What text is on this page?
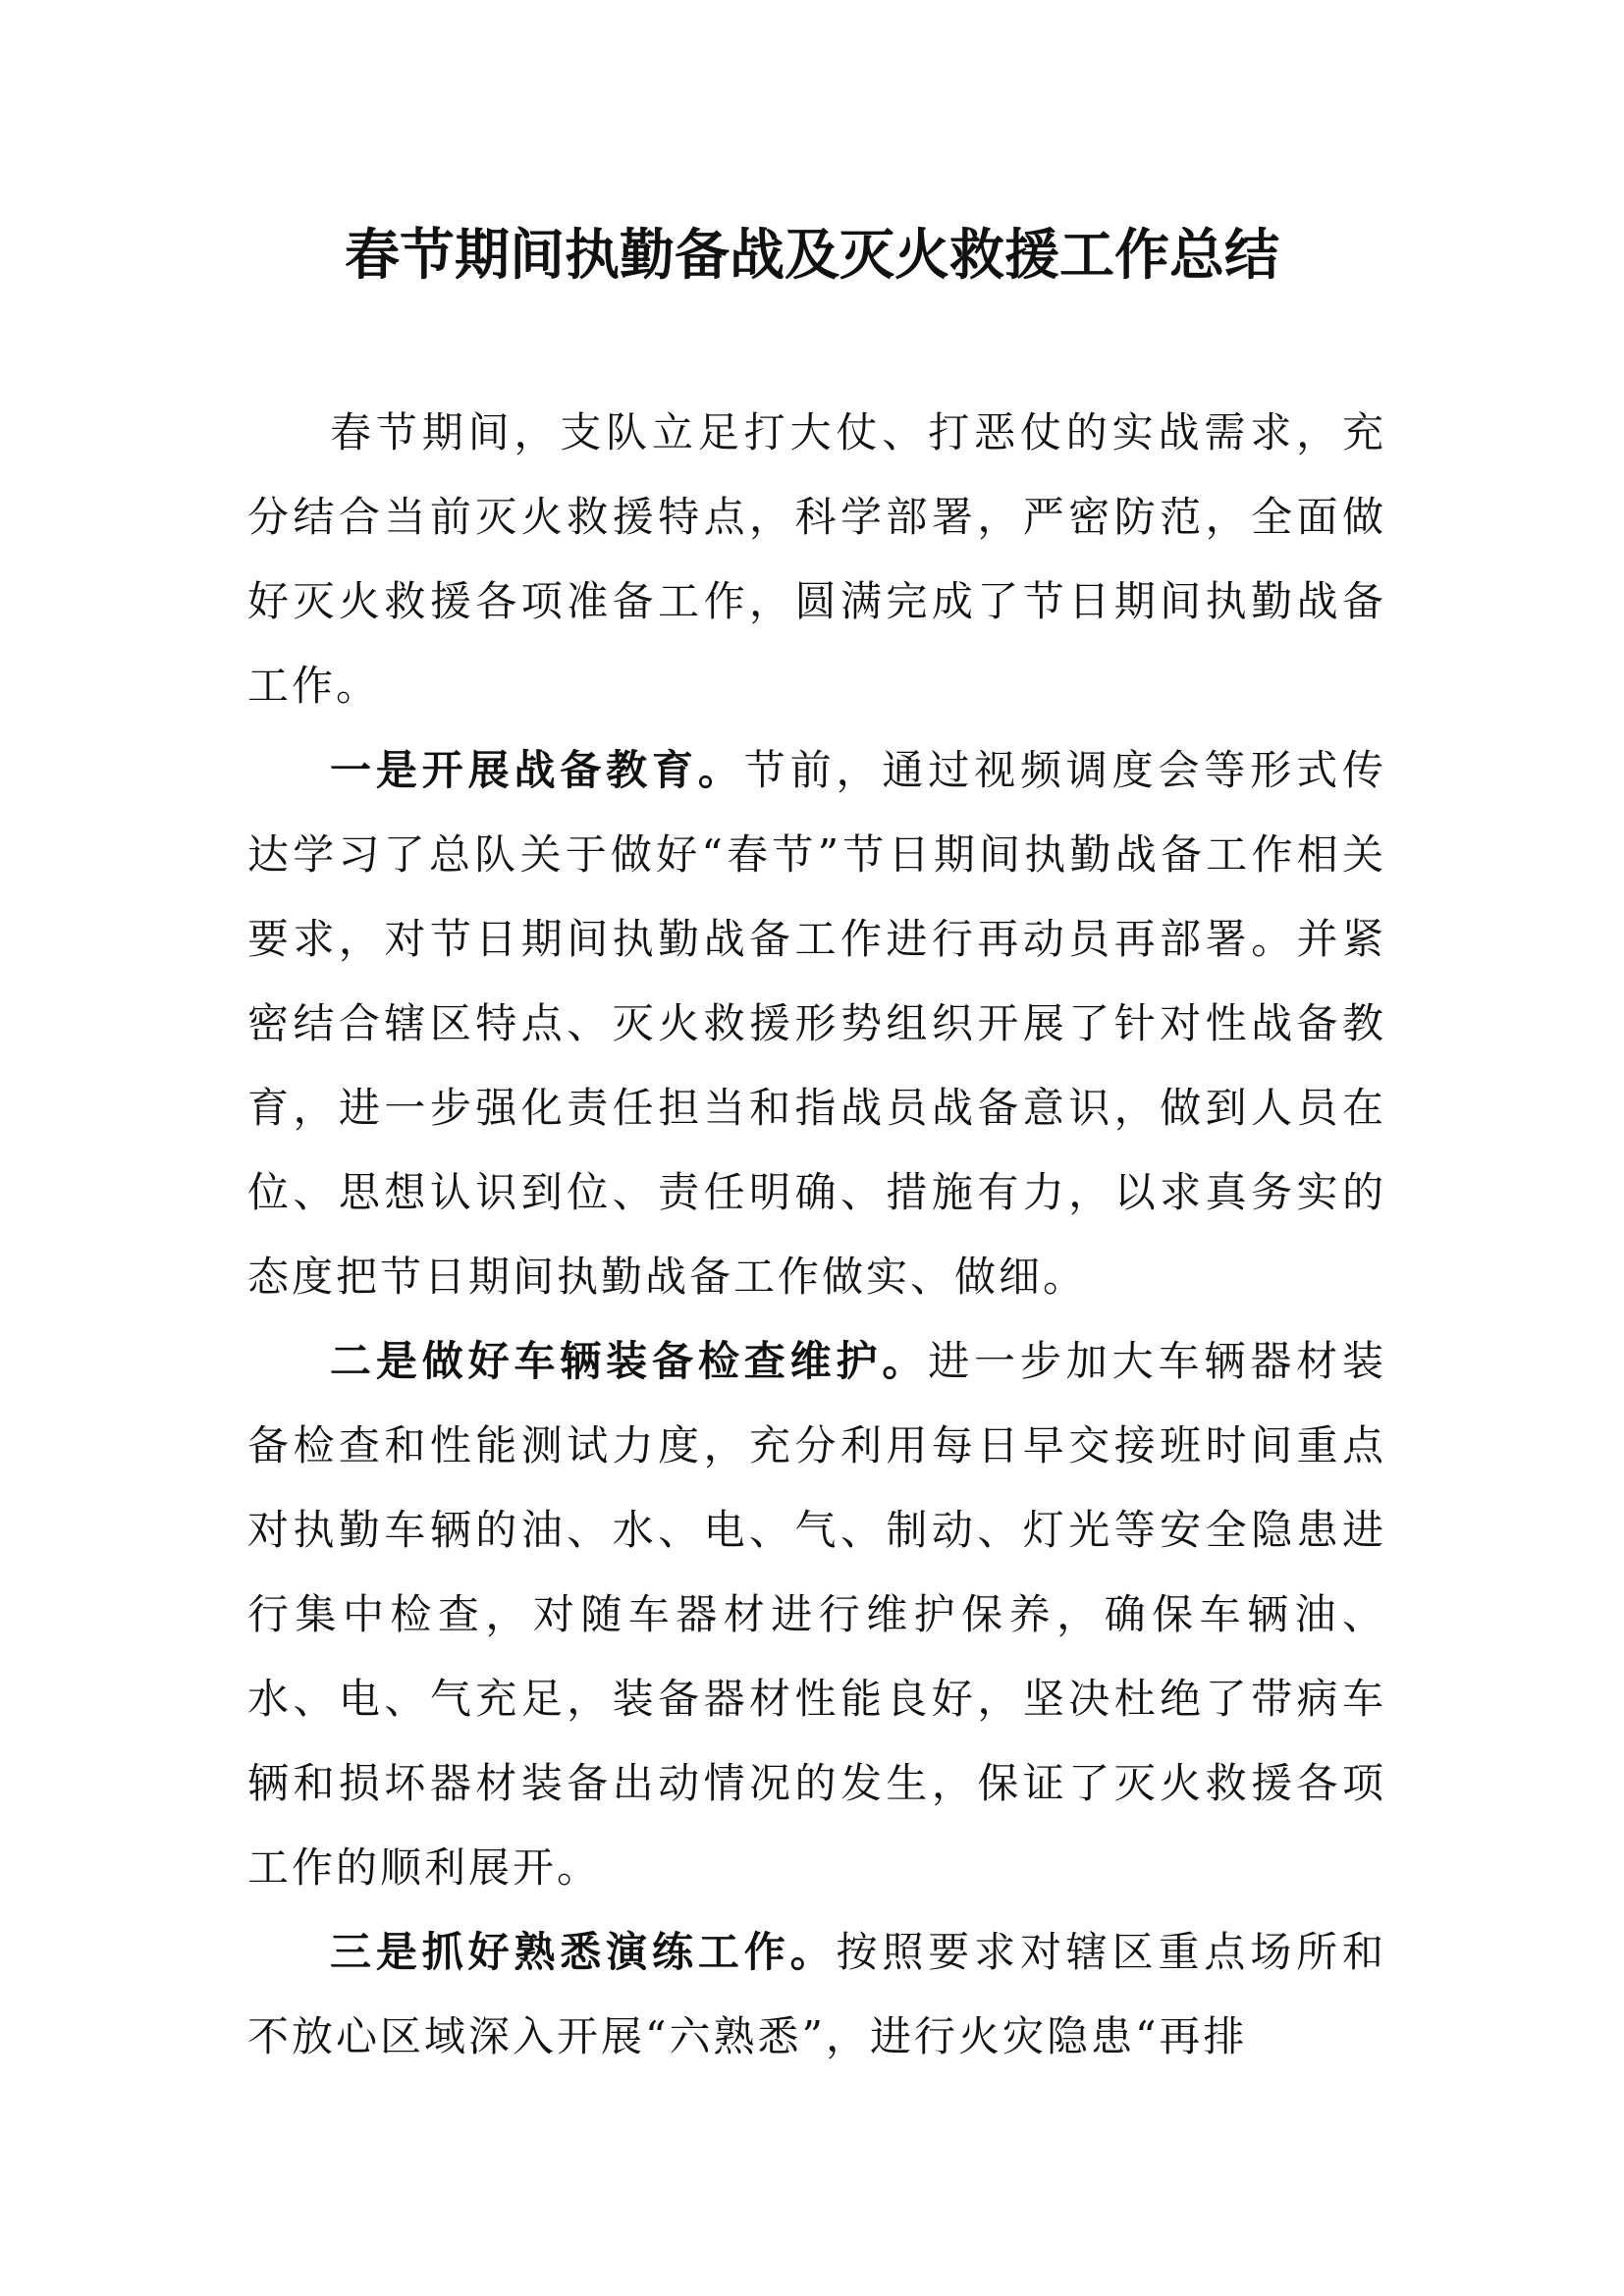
春节期间执勤备战及灭火救援工作总结

春节期间，支队立足打大仗、打恶仗的实战需求，充分结合当前灭火救援特点，科学部署，严密防范，全面做好灭火救援各项准备工作，圆满完成了节日期间执勤战备工作。

一是开展战备教育。节前，通过视频调度会等形式传达学习了总队关于做好“春节”节日期间执勤战备工作相关要求，对节日期间执勤战备工作进行再动员再部署。并紧密结合辖区特点、灭火救援形势组织开展了针对性战备教育，进一步强化责任担当和指战员战备意识，做到人员在位、思想认识到位、责任明确、措施有力，以求真务实的态度把节日期间执勤战备工作做实、做细。

二是做好车辆装备检查维护。进一步加大车辆器材装备检查和性能测试力度，充分利用每日早交接班时间重点对执勤车辆的油、水、电、气、制动、灯光等安全隐患进行集中检查，对随车器材进行维护保养，确保车辆油、水、电、气充足，装备器材性能良好，坚决杜绝了带病车辆和损坏器材装备出动情况的发生，保证了灭火救援各项工作的顺利展开。

三是抓好熟悉演练工作。按照要求对辖区重点场所和不放心区域深入开展“六熟悉”，进行火灾隐患“再排
